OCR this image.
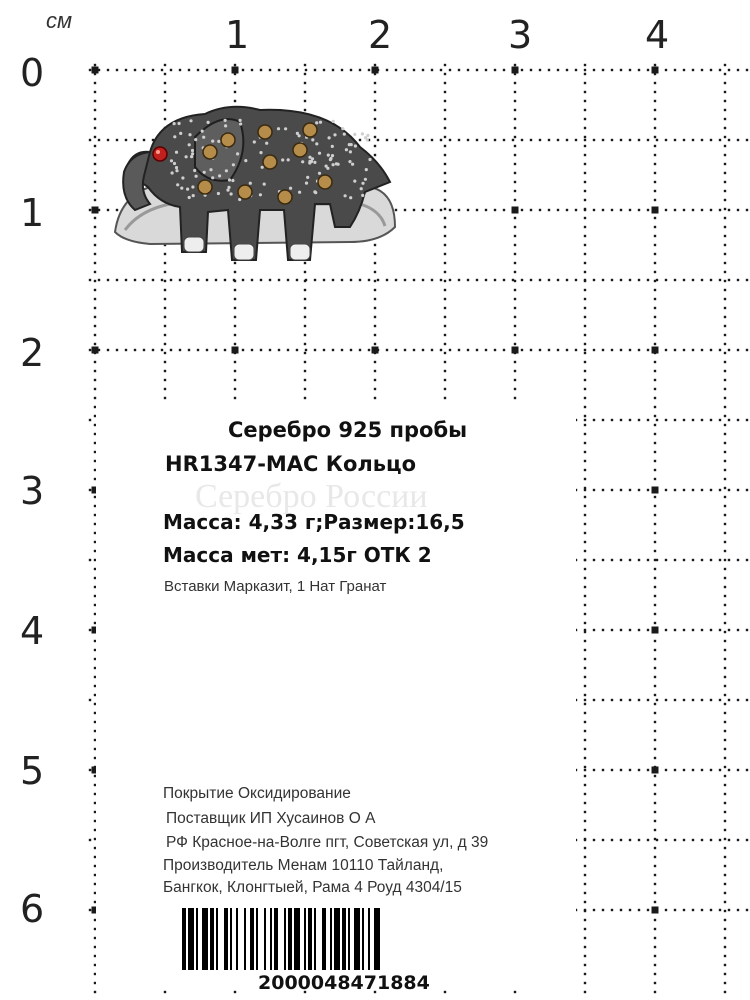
см	1	2	3	4
0
1
2
3
4
5
6
Серебро России
Серебро 925 пробы
HR1347-MAC Кольцо
Масса: 4,33 г;Размер:16,5
Масса мет: 4,15г ОТК 2
Вставки Марказит, 1 Нат Гранат
Покрытие Оксидирование
Поставщик ИП Хусаинов О А
РФ Красное-на-Волге пгт, Советская ул, д 39
Производитель Менам 10110 Тайланд,
Бангкок, Клонгтыей, Рама 4 Роуд 4304/15
2000048471884
